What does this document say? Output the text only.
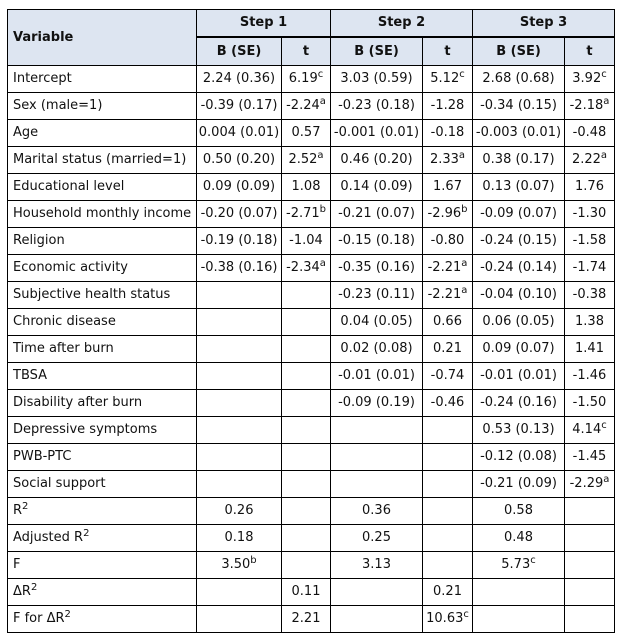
Variable	Step 1		Step 2		Step 3	
	B (SE)	t	B (SE)	t	B (SE)	t
Intercept	2.24 (0.36)	6.19$^c$	3.03 (0.59)	5.12$^c$	2.68 (0.68)	3.92$^c$
Sex (male=1)	-0.39 (0.17)	-2.24$^a$	-0.23 (0.18)	-1.28	-0.34 (0.15)	-2.18$^a$
Age	0.004 (0.01)	0.57	-0.001 (0.01)	-0.18	-0.003 (0.01)	-0.48
Marital status (married=1)	0.50 (0.20)	2.52$^a$	0.46 (0.20)	2.33$^a$	0.38 (0.17)	2.22$^a$
Educational level	0.09 (0.09)	1.08	0.14 (0.09)	1.67	0.13 (0.07)	1.76
Household monthly income	-0.20 (0.07)	-2.71$^b$	-0.21 (0.07)	-2.96$^b$	-0.09 (0.07)	-1.30
Religion	-0.19 (0.18)	-1.04	-0.15 (0.18)	-0.80	-0.24 (0.15)	-1.58
Economic activity	-0.38 (0.16)	-2.34$^a$	-0.35 (0.16)	-2.21$^a$	-0.24 (0.14)	-1.74
Subjective health status			-0.23 (0.11)	-2.21$^a$	-0.04 (0.10)	-0.38
Chronic disease			0.04 (0.05)	0.66	0.06 (0.05)	1.38
Time after burn			0.02 (0.08)	0.21	0.09 (0.07)	1.41
TBSA			-0.01 (0.01)	-0.74	-0.01 (0.01)	-1.46
Disability after burn			-0.09 (0.19)	-0.46	-0.24 (0.16)	-1.50
Depressive symptoms					0.53 (0.13)	4.14$^c$
PWB-PTC					-0.12 (0.08)	-1.45
Social support					-0.21 (0.09)	-2.29$^a$
$R^2$	0.26		0.36		0.58	
Adjusted $R^2$	0.18		0.25		0.48	
F	3.50$^b$		3.13		5.73$^c$	
$\Delta R^2$		0.11		0.21		
F for $\Delta R^2$		2.21		10.63$^c$		
